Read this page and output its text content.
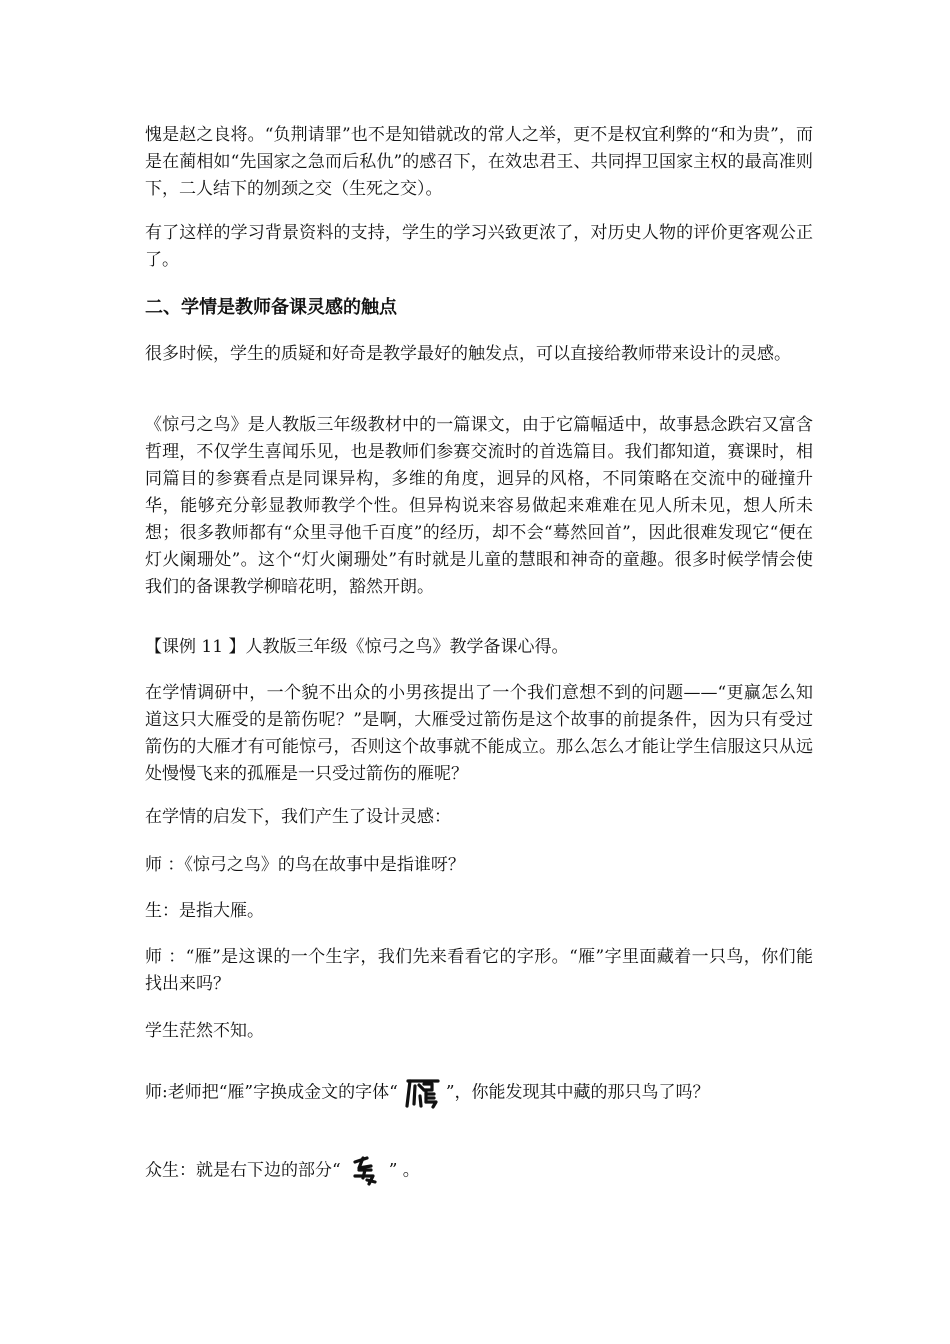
愧是赵之良将。“负荆请罪”也不是知错就改的常人之举，更不是权宜利弊的“和为贵”，而是在蔺相如“先国家之急而后私仇”的感召下，在效忠君王、共同捍卫国家主权的最高准则下，二人结下的刎颈之交（生死之交）。

有了这样的学习背景资料的支持，学生的学习兴致更浓了，对历史人物的评价更客观公正了。

二、学情是教师备课灵感的触点

很多时候，学生的质疑和好奇是教学最好的触发点，可以直接给教师带来设计的灵感。

《惊弓之鸟》是人教版三年级教材中的一篇课文，由于它篇幅适中，故事悬念跌宕又富含哲理，不仅学生喜闻乐见，也是教师们参赛交流时的首选篇目。我们都知道，赛课时，相同篇目的参赛看点是同课异构，多维的角度，迥异的风格，不同策略在交流中的碰撞升华，能够充分彰显教师教学个性。但异构说来容易做起来难难在见人所未见，想人所未想；很多教师都有“众里寻他千百度”的经历，却不会“蓦然回首”，因此很难发现它“便在灯火阑珊处”。这个“灯火阑珊处”有时就是儿童的慧眼和神奇的童趣。很多时候学情会使我们的备课教学柳暗花明，豁然开朗。

【课例 11 】人教版三年级《惊弓之鸟》教学备课心得。

在学情调研中，一个貌不出众的小男孩提出了一个我们意想不到的问题——“更赢怎么知道这只大雁受的是箭伤呢？”是啊，大雁受过箭伤是这个故事的前提条件，因为只有受过箭伤的大雁才有可能惊弓，否则这个故事就不能成立。那么怎么才能让学生信服这只从远处慢慢飞来的孤雁是一只受过箭伤的雁呢？

在学情的启发下，我们产生了设计灵感：

师 ：《惊弓之鸟》的鸟在故事中是指谁呀？

生：是指大雁。

师 ：“雁”是这课的一个生字，我们先来看看它的字形。“雁”字里面藏着一只鸟，你们能找出来吗？

学生茫然不知。

师:老师把“雁”字换成金文的字体“	”，你能发现其中藏的那只鸟了吗？

众生：就是右下边的部分“	” 。
